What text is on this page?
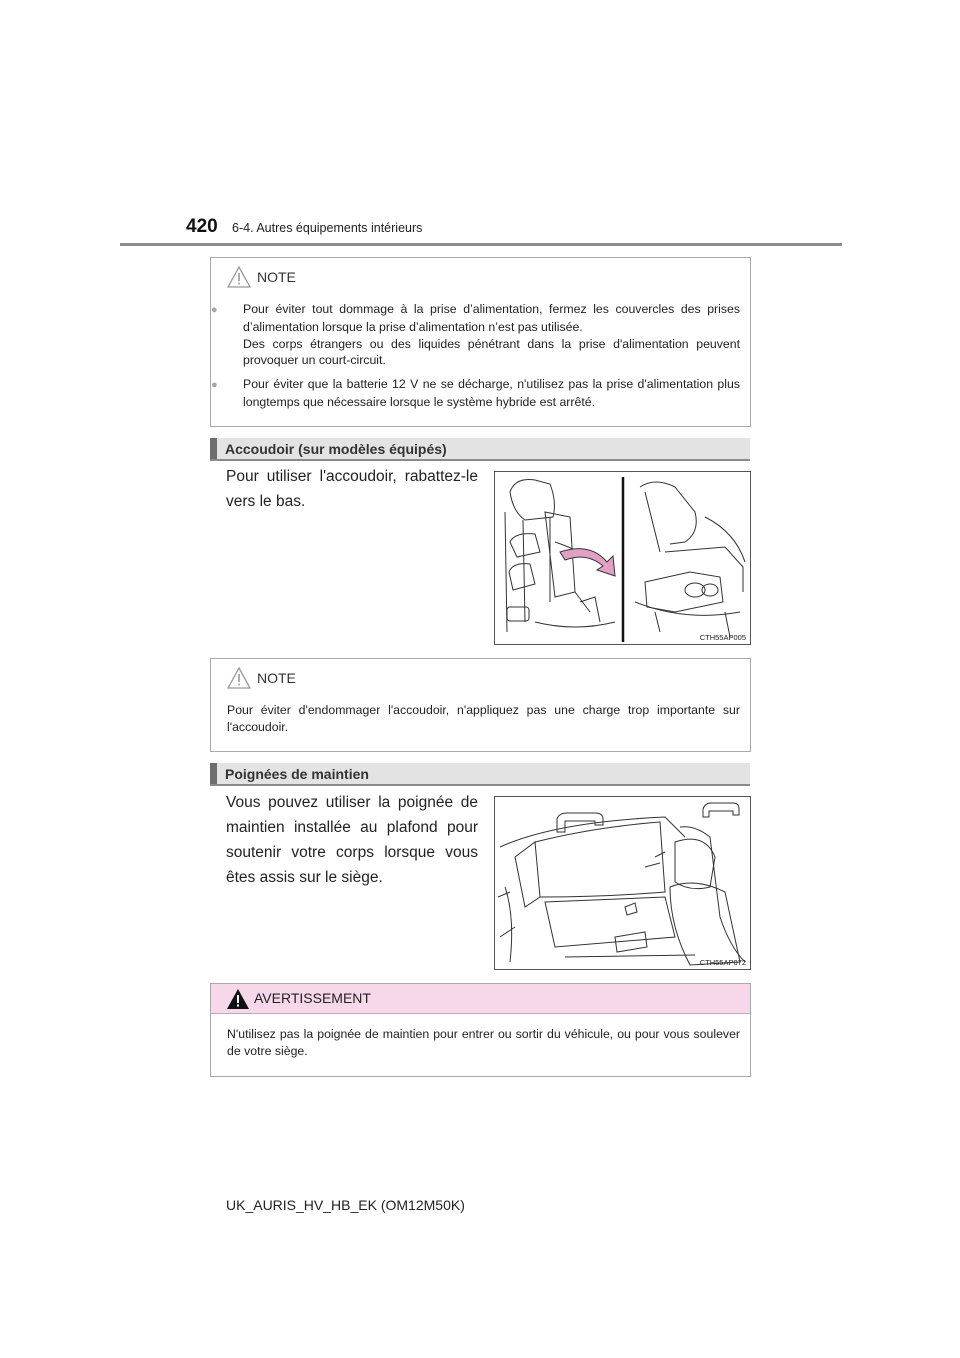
420 6-4. Autres équipements intérieurs
NOTE
● Pour éviter tout dommage à la prise d’alimentation, fermez les couvercles des prises d’alimentation lorsque la prise d’alimentation n’est pas utilisée.
Des corps étrangers ou des liquides pénétrant dans la prise d'alimentation peuvent provoquer un court-circuit.
● Pour éviter que la batterie 12 V ne se décharge, n'utilisez pas la prise d'alimentation plus longtemps que nécessaire lorsque le système hybride est arrêté.
Accoudoir (sur modèles équipés)
Pour utiliser l'accoudoir, rabattez-le vers le bas.
CTH55AP005
NOTE
Pour éviter d'endommager l'accoudoir, n'appliquez pas une charge trop importante sur l'accoudoir.
Poignées de maintien
Vous pouvez utiliser la poignée de maintien installée au plafond pour soutenir votre corps lorsque vous êtes assis sur le siège.
CTH55AP072
AVERTISSEMENT
N'utilisez pas la poignée de maintien pour entrer ou sortir du véhicule, ou pour vous soulever de votre siège.
UK_AURIS_HV_HB_EK (OM12M50K)
